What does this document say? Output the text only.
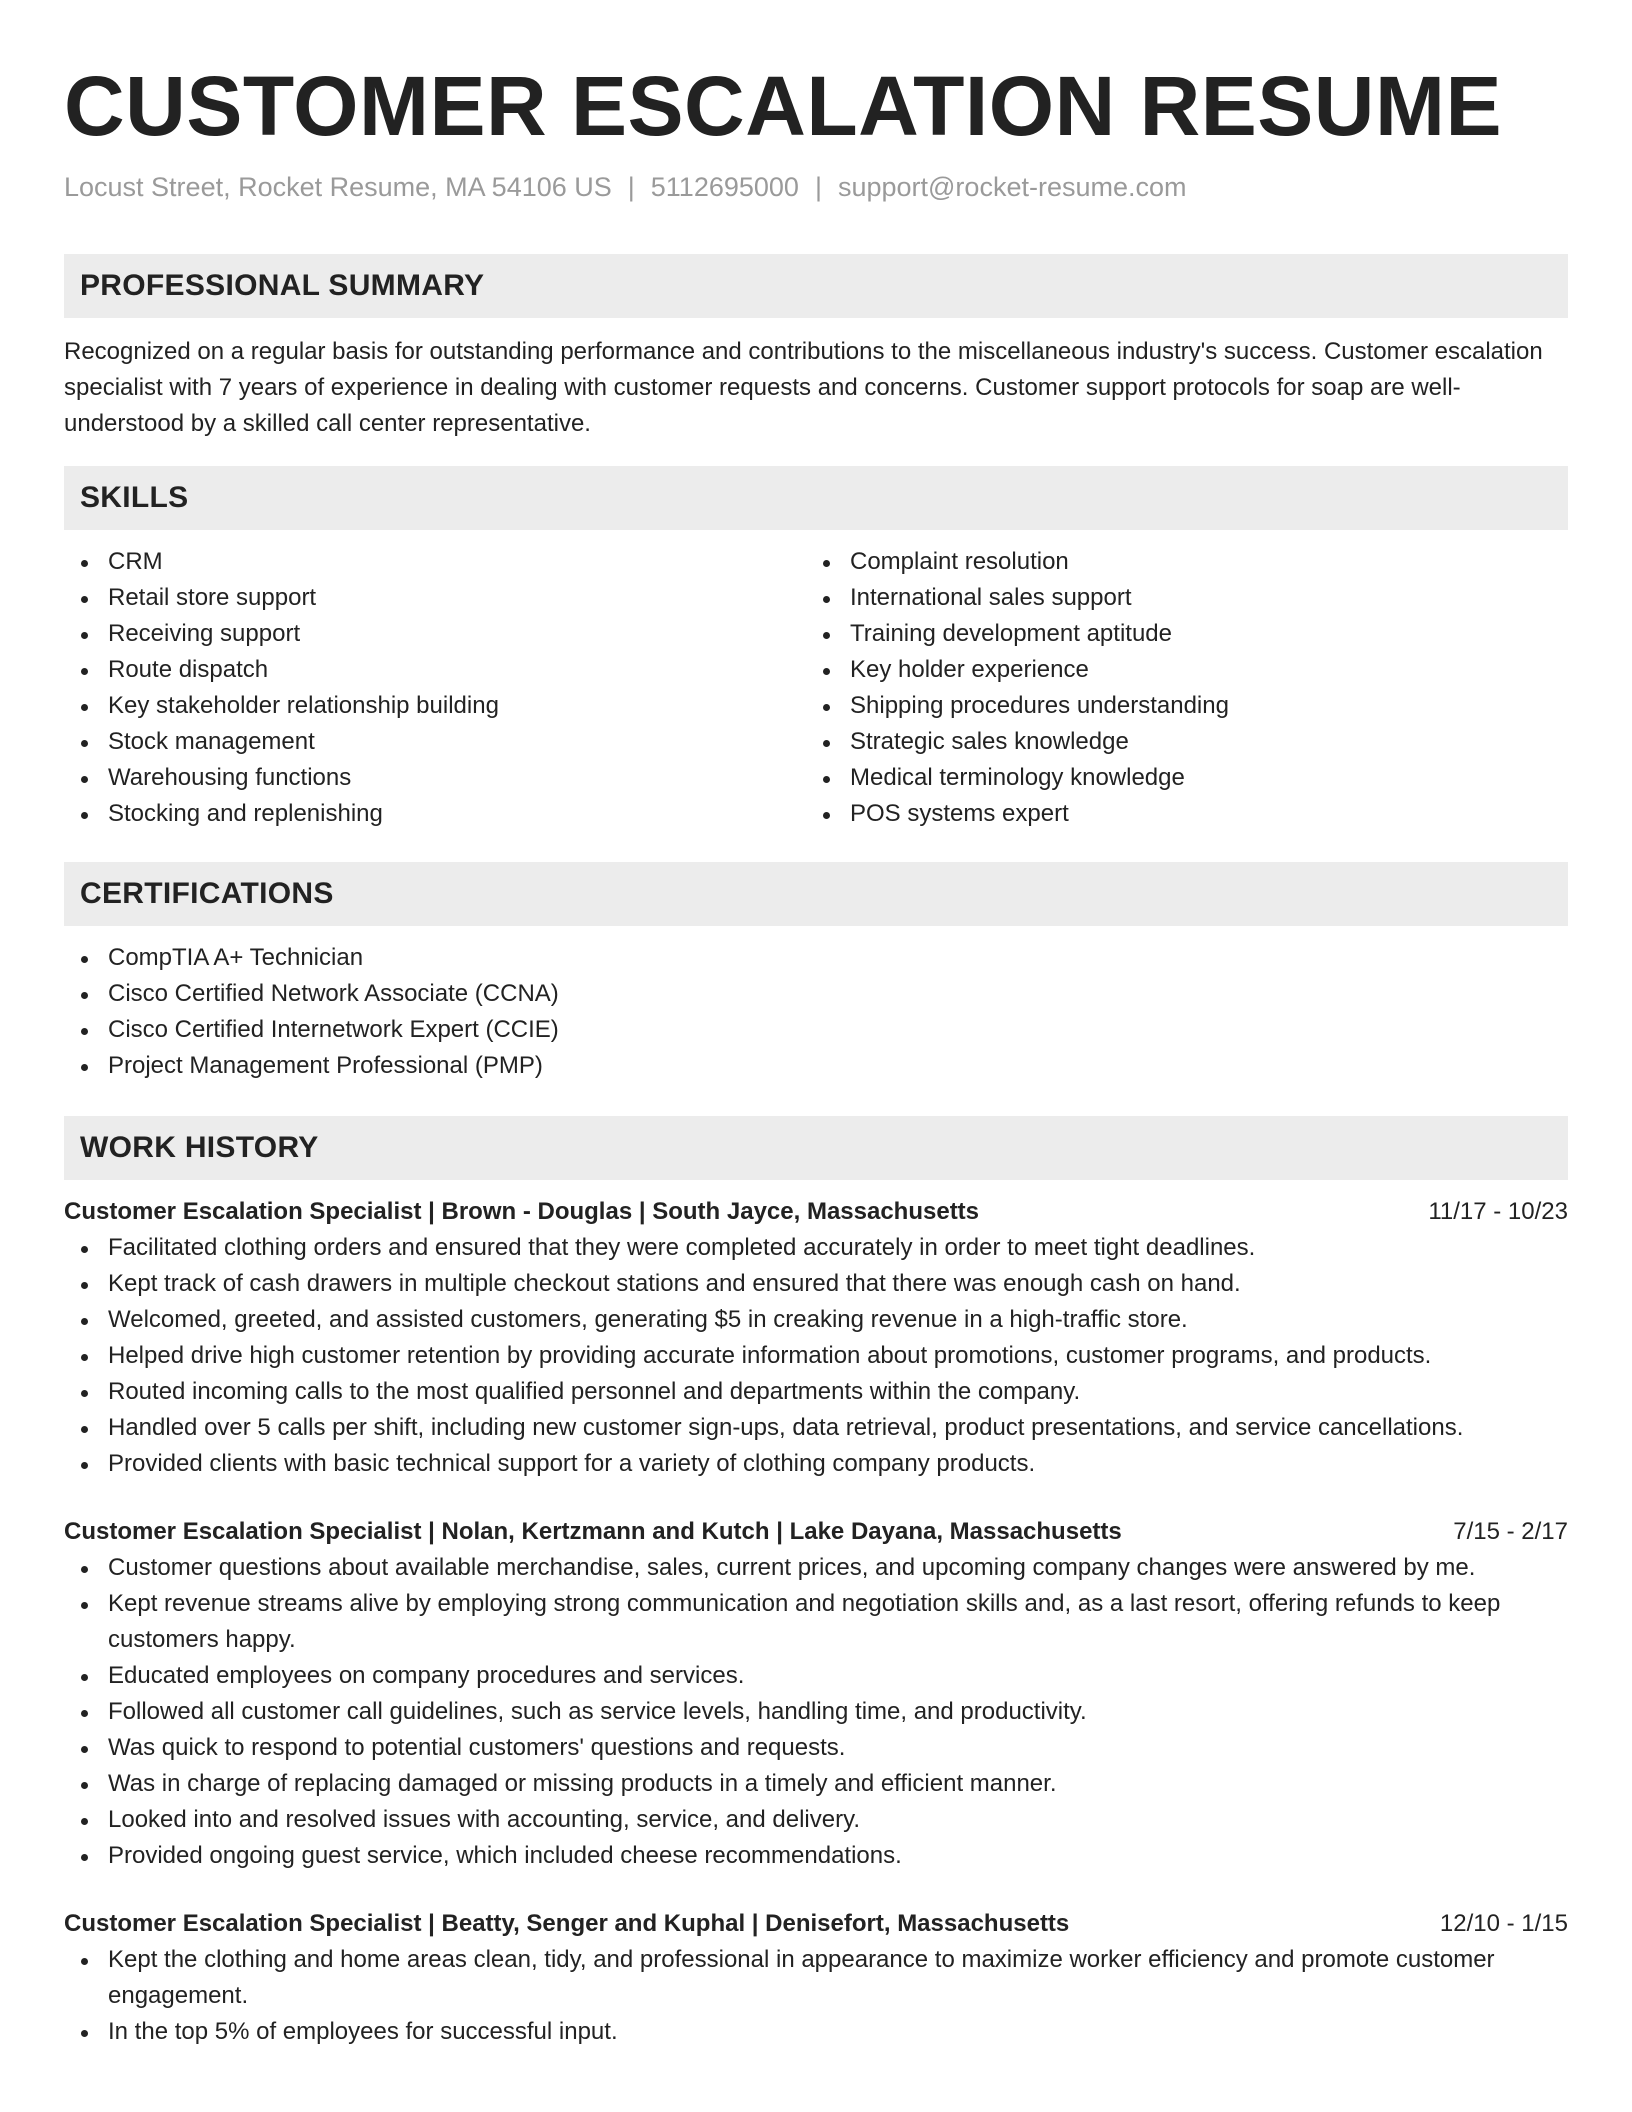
CUSTOMER ESCALATION RESUME
Locust Street, Rocket Resume, MA 54106 US | 5112695000 | support@rocket-resume.com
PROFESSIONAL SUMMARY

Recognized on a regular basis for outstanding performance and contributions to the miscellaneous industry's success. Customer escalation specialist with 7 years of experience in dealing with customer requests and concerns. Customer support protocols for soap are well-understood by a skilled call center representative.

SKILLS
CRM
Retail store support
Receiving support
Route dispatch
Key stakeholder relationship building
Stock management
Warehousing functions
Stocking and replenishing
Complaint resolution
International sales support
Training development aptitude
Key holder experience
Shipping procedures understanding
Strategic sales knowledge
Medical terminology knowledge
POS systems expert
CERTIFICATIONS
CompTIA A+ Technician
Cisco Certified Network Associate (CCNA)
Cisco Certified Internetwork Expert (CCIE)
Project Management Professional (PMP)
WORK HISTORY
Customer Escalation Specialist | Brown - Douglas | South Jayce, Massachusetts	11/17 - 10/23
Facilitated clothing orders and ensured that they were completed accurately in order to meet tight deadlines.
Kept track of cash drawers in multiple checkout stations and ensured that there was enough cash on hand.
Welcomed, greeted, and assisted customers, generating $5 in creaking revenue in a high-traffic store.
Helped drive high customer retention by providing accurate information about promotions, customer programs, and products.
Routed incoming calls to the most qualified personnel and departments within the company.
Handled over 5 calls per shift, including new customer sign-ups, data retrieval, product presentations, and service cancellations.
Provided clients with basic technical support for a variety of clothing company products.
Customer Escalation Specialist | Nolan, Kertzmann and Kutch | Lake Dayana, Massachusetts	7/15 - 2/17
Customer questions about available merchandise, sales, current prices, and upcoming company changes were answered by me.
Kept revenue streams alive by employing strong communication and negotiation skills and, as a last resort, offering refunds to keep customers happy.
Educated employees on company procedures and services.
Followed all customer call guidelines, such as service levels, handling time, and productivity.
Was quick to respond to potential customers' questions and requests.
Was in charge of replacing damaged or missing products in a timely and efficient manner.
Looked into and resolved issues with accounting, service, and delivery.
Provided ongoing guest service, which included cheese recommendations.
Customer Escalation Specialist | Beatty, Senger and Kuphal | Denisefort, Massachusetts	12/10 - 1/15
Kept the clothing and home areas clean, tidy, and professional in appearance to maximize worker efficiency and promote customer engagement.
In the top 5% of employees for successful input.
